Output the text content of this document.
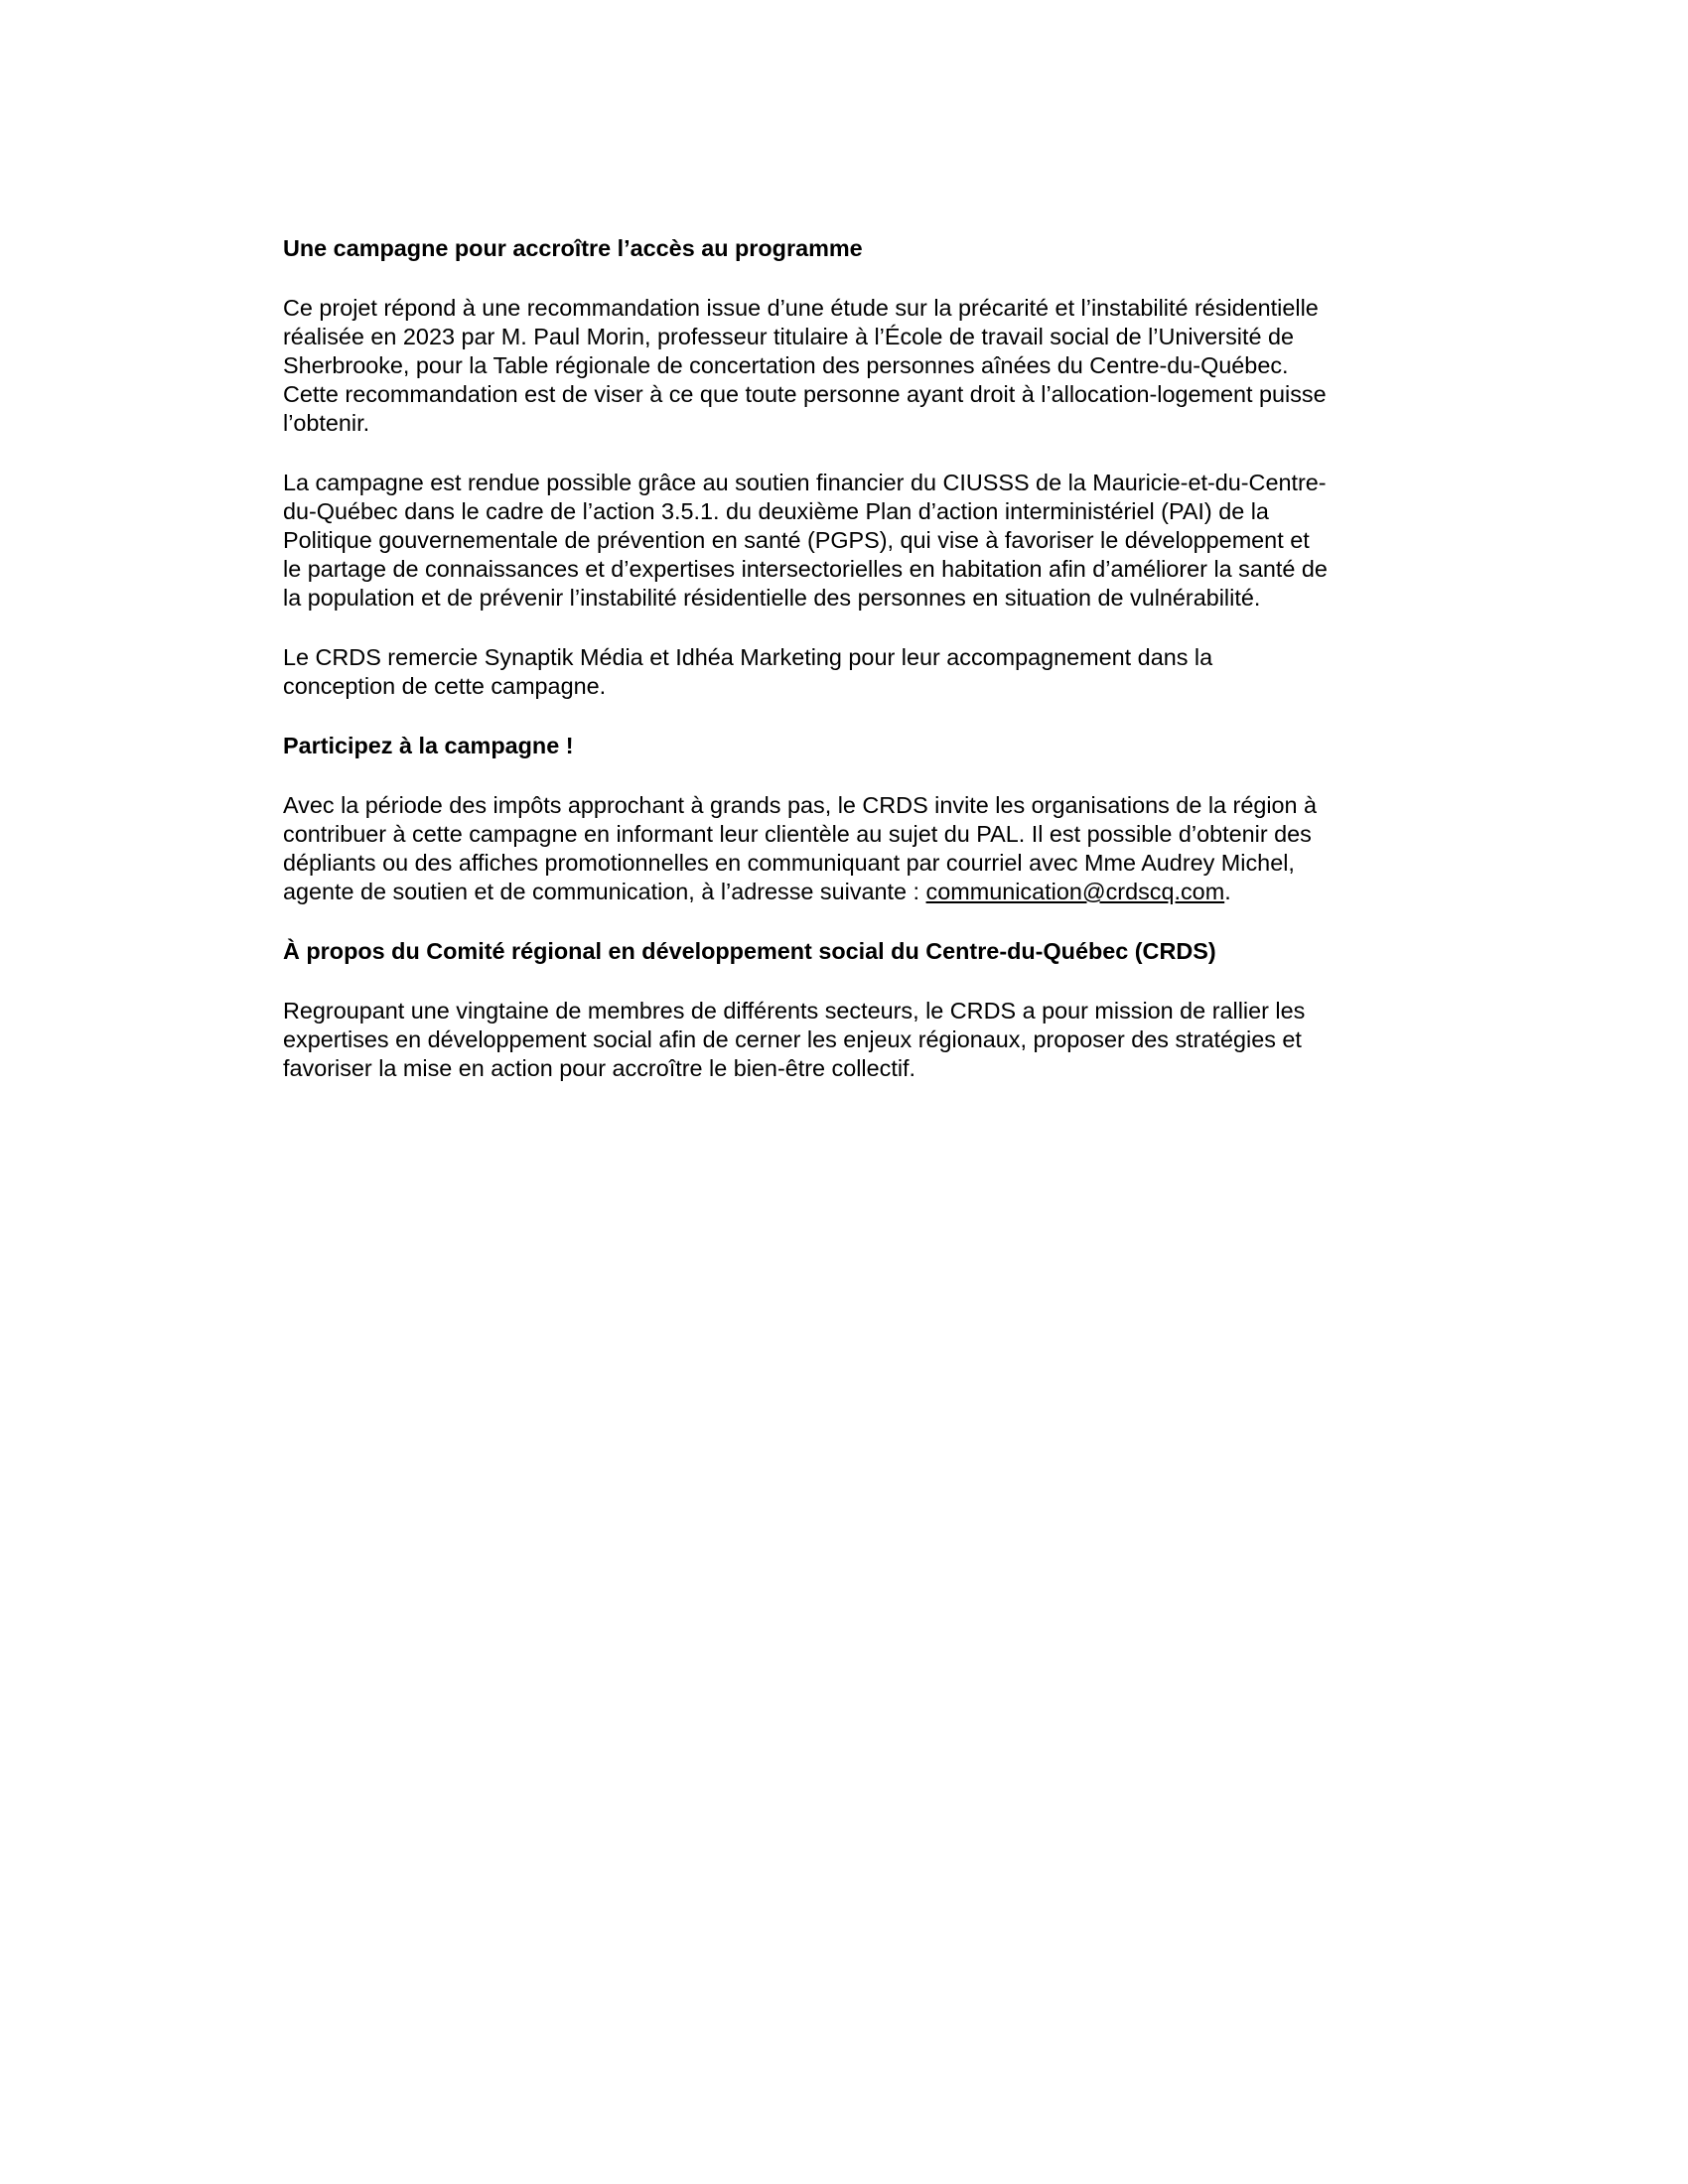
Une campagne pour accroître l’accès au programme
Ce projet répond à une recommandation issue d’une étude sur la précarité et l’instabilité résidentielle
réalisée en 2023 par M. Paul Morin, professeur titulaire à l’École de travail social de l’Université de
Sherbrooke, pour la Table régionale de concertation des personnes aînées du Centre-du-Québec.
Cette recommandation est de viser à ce que toute personne ayant droit à l’allocation-logement puisse
l’obtenir.
La campagne est rendue possible grâce au soutien financier du CIUSSS de la Mauricie-et-du-Centre-
du-Québec dans le cadre de l’action 3.5.1. du deuxième Plan d’action interministériel (PAI) de la
Politique gouvernementale de prévention en santé (PGPS), qui vise à favoriser le développement et
le partage de connaissances et d’expertises intersectorielles en habitation afin d’améliorer la santé de
la population et de prévenir l’instabilité résidentielle des personnes en situation de vulnérabilité.
Le CRDS remercie Synaptik Média et Idhéa Marketing pour leur accompagnement dans la
conception de cette campagne.
Participez à la campagne !
Avec la période des impôts approchant à grands pas, le CRDS invite les organisations de la région à
contribuer à cette campagne en informant leur clientèle au sujet du PAL. Il est possible d’obtenir des
dépliants ou des affiches promotionnelles en communiquant par courriel avec Mme Audrey Michel,
agente de soutien et de communication, à l’adresse suivante : communication@crdscq.com.
À propos du Comité régional en développement social du Centre-du-Québec (CRDS)
Regroupant une vingtaine de membres de différents secteurs, le CRDS a pour mission de rallier les
expertises en développement social afin de cerner les enjeux régionaux, proposer des stratégies et
favoriser la mise en action pour accroître le bien-être collectif.
